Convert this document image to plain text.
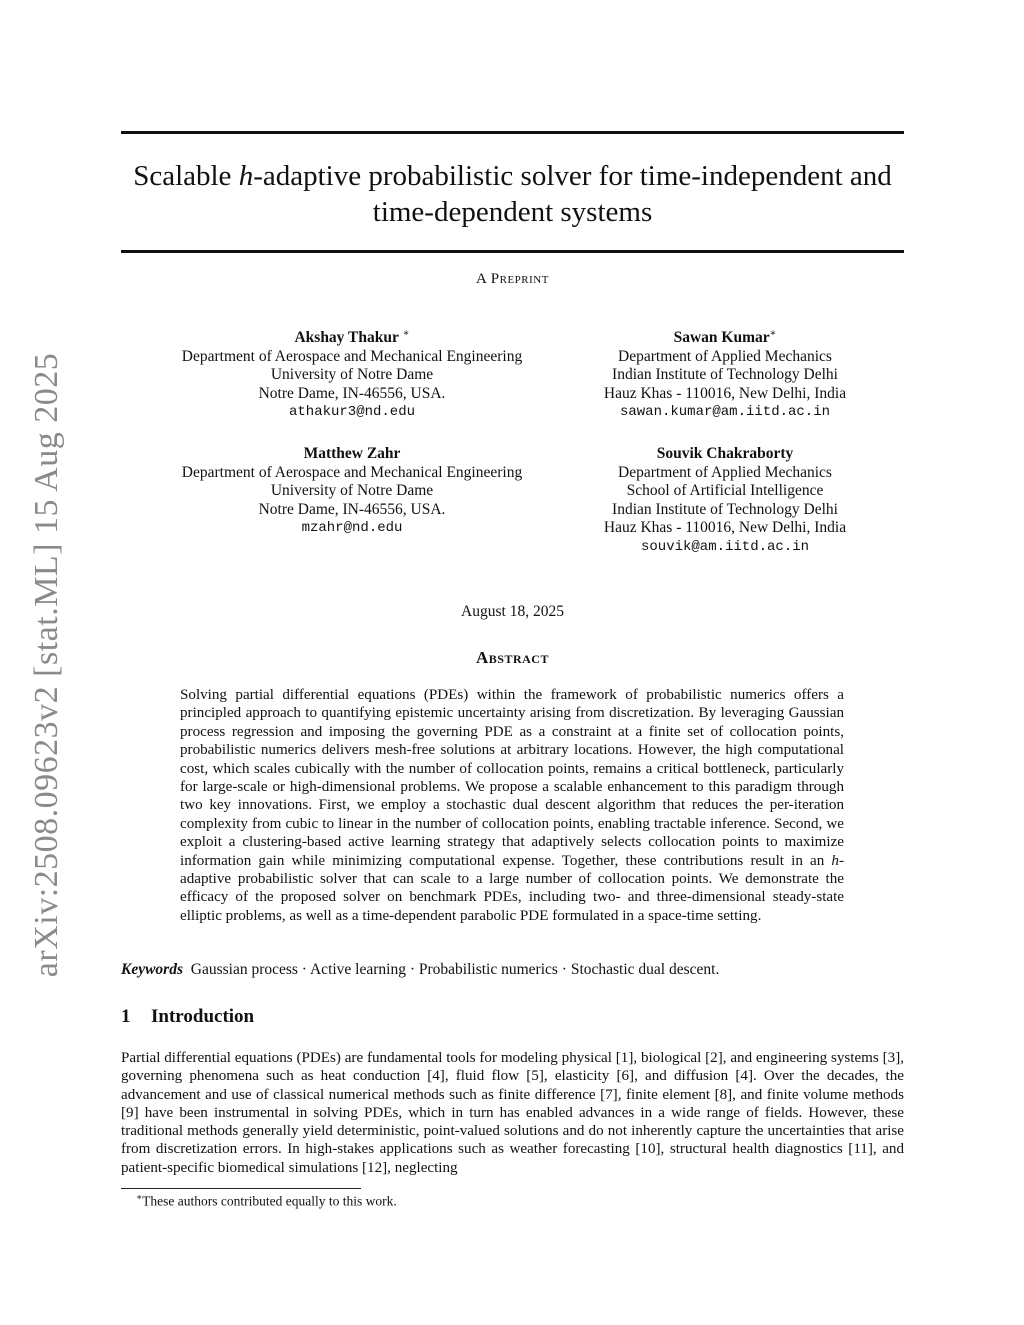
arXiv:2508.09623v2 [stat.ML] 15 Aug 2025
Scalable h-adaptive probabilistic solver for time-independent and time-dependent systems
A Preprint
Akshay Thakur ∗
Department of Aerospace and Mechanical Engineering
University of Notre Dame
Notre Dame, IN-46556, USA.
athakur3@nd.edu
Sawan Kumar∗
Department of Applied Mechanics
Indian Institute of Technology Delhi
Hauz Khas - 110016, New Delhi, India
sawan.kumar@am.iitd.ac.in
Matthew Zahr
Department of Aerospace and Mechanical Engineering
University of Notre Dame
Notre Dame, IN-46556, USA.
mzahr@nd.edu
Souvik Chakraborty
Department of Applied Mechanics
School of Artificial Intelligence
Indian Institute of Technology Delhi
Hauz Khas - 110016, New Delhi, India
souvik@am.iitd.ac.in
August 18, 2025
Abstract
Solving partial differential equations (PDEs) within the framework of probabilistic numerics offers a principled approach to quantifying epistemic uncertainty arising from discretization. By leveraging Gaussian process regression and imposing the governing PDE as a constraint at a finite set of collocation points, probabilistic numerics delivers mesh-free solutions at arbitrary locations. However, the high computational cost, which scales cubically with the number of collocation points, remains a critical bottleneck, particularly for large-scale or high-dimensional problems. We propose a scalable enhancement to this paradigm through two key innovations. First, we employ a stochastic dual descent algorithm that reduces the per-iteration complexity from cubic to linear in the number of collocation points, enabling tractable inference. Second, we exploit a clustering-based active learning strategy that adaptively selects collocation points to maximize information gain while minimizing computational expense. Together, these contributions result in an h-adaptive probabilistic solver that can scale to a large number of collocation points. We demonstrate the efficacy of the proposed solver on benchmark PDEs, including two- and three-dimensional steady-state elliptic problems, as well as a time-dependent parabolic PDE formulated in a space-time setting.
Keywords Gaussian process · Active learning · Probabilistic numerics · Stochastic dual descent.
1 Introduction
Partial differential equations (PDEs) are fundamental tools for modeling physical [1], biological [2], and engineering systems [3], governing phenomena such as heat conduction [4], fluid flow [5], elasticity [6], and diffusion [4]. Over the decades, the advancement and use of classical numerical methods such as finite difference [7], finite element [8], and finite volume methods [9] have been instrumental in solving PDEs, which in turn has enabled advances in a wide range of fields. However, these traditional methods generally yield deterministic, point-valued solutions and do not inherently capture the uncertainties that arise from discretization errors. In high-stakes applications such as weather forecasting [10], structural health diagnostics [11], and patient-specific biomedical simulations [12], neglecting
∗These authors contributed equally to this work.
